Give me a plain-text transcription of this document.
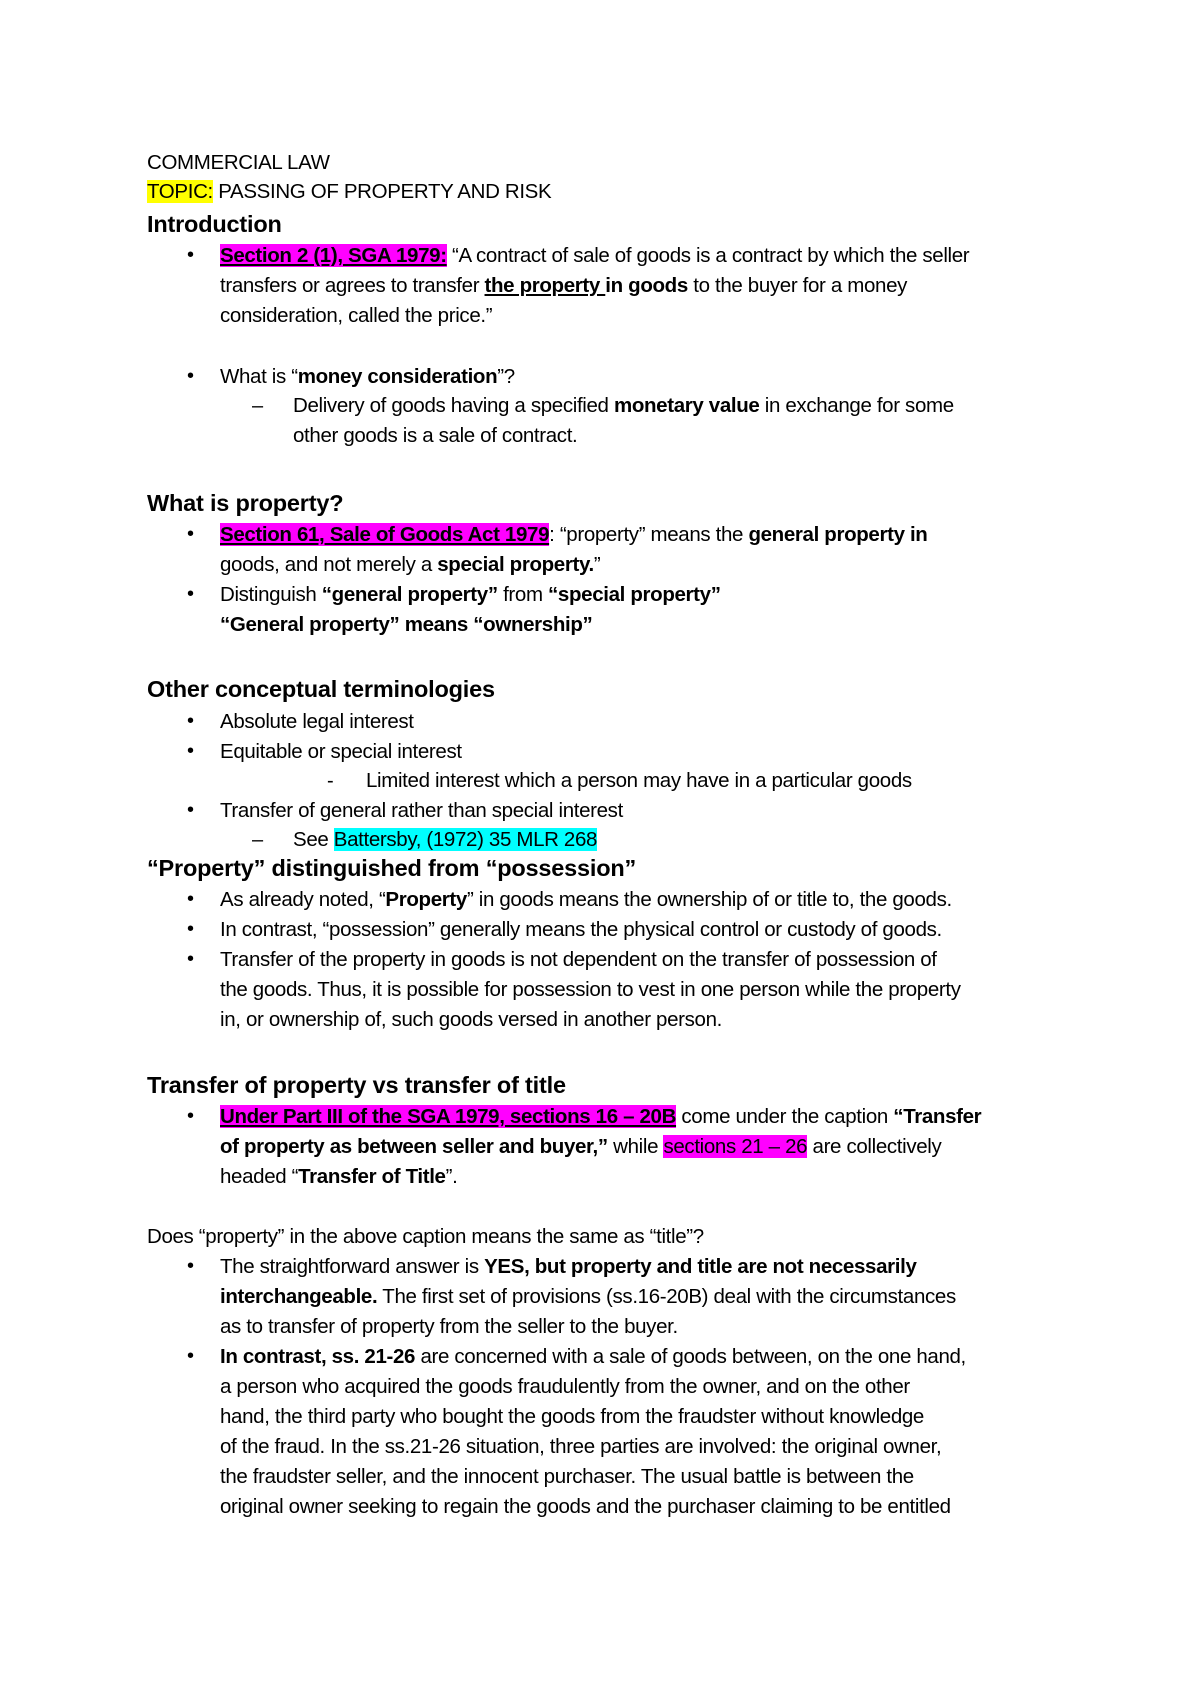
COMMERCIAL LAW
TOPIC: PASSING OF PROPERTY AND RISK
Introduction
• Section 2 (1), SGA 1979: “A contract of sale of goods is a contract by which the seller
transfers or agrees to transfer the property in goods to the buyer for a money
consideration, called the price.”
• What is “money consideration”?
– Delivery of goods having a specified monetary value in exchange for some
other goods is a sale of contract.
What is property?
• Section 61, Sale of Goods Act 1979: “property” means the general property in
goods, and not merely a special property.”
• Distinguish “general property” from “special property”
“General property” means “ownership”
Other conceptual terminologies
• Absolute legal interest
• Equitable or special interest
- Limited interest which a person may have in a particular goods
• Transfer of general rather than special interest
– See Battersby, (1972) 35 MLR 268
“Property” distinguished from “possession”
• As already noted, “Property” in goods means the ownership of or title to, the goods.
• In contrast, “possession” generally means the physical control or custody of goods.
• Transfer of the property in goods is not dependent on the transfer of possession of
the goods. Thus, it is possible for possession to vest in one person while the property
in, or ownership of, such goods versed in another person.
Transfer of property vs transfer of title
• Under Part III of the SGA 1979, sections 16 – 20B come under the caption “Transfer
of property as between seller and buyer,” while sections 21 – 26 are collectively
headed “Transfer of Title”.
Does “property” in the above caption means the same as “title”?
• The straightforward answer is YES, but property and title are not necessarily
interchangeable. The first set of provisions (ss.16-20B) deal with the circumstances
as to transfer of property from the seller to the buyer.
• In contrast, ss. 21-26 are concerned with a sale of goods between, on the one hand,
a person who acquired the goods fraudulently from the owner, and on the other
hand, the third party who bought the goods from the fraudster without knowledge
of the fraud. In the ss.21-26 situation, three parties are involved: the original owner,
the fraudster seller, and the innocent purchaser. The usual battle is between the
original owner seeking to regain the goods and the purchaser claiming to be entitled
